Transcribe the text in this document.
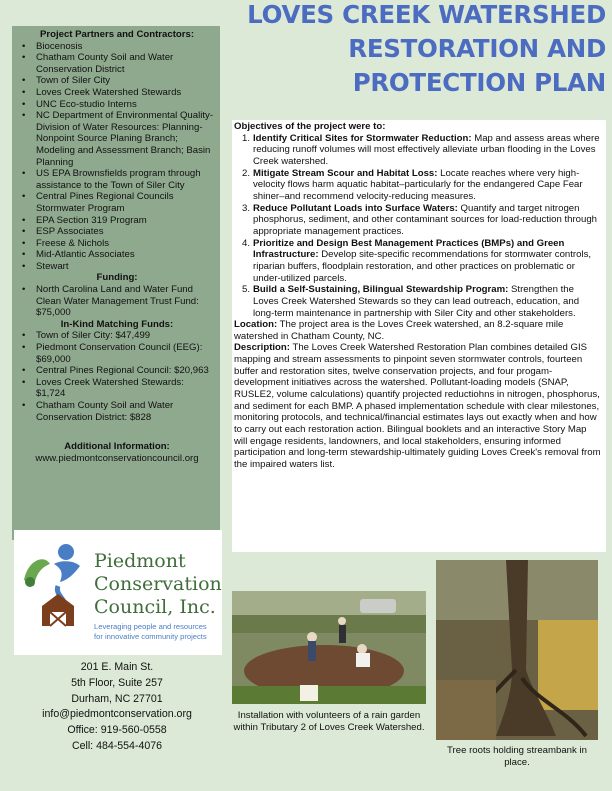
LOVES CREEK WATERSHED
RESTORATION AND
PROTECTION PLAN
Project Partners and Contractors:
• Biocenosis
• Chatham County Soil and Water Conservation District
• Town of Siler City
• Loves Creek Watershed Stewards
• UNC Eco-studio Interns
• NC Department of Environmental Quality- Division of Water Resources: Planning-Nonpoint Source Planing Branch; Modeling and Assessment Branch; Basin Planning
• US EPA Brownsfields program through assistance to the Town of Siler City
• Central Pines Regional Councils Stormwater Program
• EPA Section 319 Program
• ESP Associates
• Freese & Nichols
• Mid-Atlantic Associates
• Stewart
Funding:
• North Carolina Land and Water Fund Clean Water Management Trust Fund: $75,000
In-Kind Matching Funds:
• Town of Siler City: $47,499
• Piedmont Conservation Council (EEG): $69,000
• Central Pines Regional Council: $20,963
• Loves Creek Watershed Stewards: $1,724
• Chatham County Soil and Water Conservation District: $828
Additional Information:
www.piedmontconservationcouncil.org
Piedmont
Conservation
Council, Inc.
Leveraging people and resources
for innovative community projects
201 E. Main St.
5th Floor, Suite 257
Durham, NC 27701
info@piedmontconservation.org
Office: 919-560-0558
Cell: 484-554-4076
Objectives of the project were to:
1. Identify Critical Sites for Stormwater Reduction: Map and assess areas where reducing runoff volumes will most effectively alleviate urban flooding in the Loves Creek watershed.
2. Mitigate Stream Scour and Habitat Loss: Locate reaches where very high-velocity flows harm aquatic habitat–particularly for the endangered Cape Fear shiner–and recommend velocity-reducing measures.
3. Reduce Pollutant Loads into Surface Waters: Quantify and target nitrogen phosphorus, sediment, and other contaminant sources for load-reduction through appropriate management practices.
4. Prioritize and Design Best Management Practices (BMPs) and Green Infrastructure: Develop site-specific recommendations for stormwater controls, riparian buffers, floodplain restoration, and other practices on problematic or under-utilized parcels.
5. Build a Self-Sustaining, Bilingual Stewardship Program: Strengthen the Loves Creek Watershed Stewards so they can lead outreach, education, and long-term maintenance in partnership with Siler City and other stakeholders.
Location: The project area is the Loves Creek watershed, an 8.2-square mile watershed in Chatham County, NC.
Description: The Loves Creek Watershed Restoration Plan combines detailed GIS mapping and stream assessments to pinpoint seven stormwater controls, fourteen buffer and restoration sites, twelve conservation projects, and four progam-development initiatives across the watershed. Pollutant-loading models (SNAP, RUSLE2, volume calculations) quantify projected reductiohns in nitrogen, phosphorus, and sediment for each BMP. A phased implementation schedule with clear milestones, monitoring protocols, and technical/financial estimates lays out exactly when and how to carry out each restoration action. Bilingual booklets and an interactive Story Map will engage residents, landowners, and local stakeholders, ensuring informed participation and long-term stewardship-ultimately guiding Loves Creek's removal from the impaired waters list.
Installation with volunteers of a rain garden within Tributary 2 of Loves Creek Watershed.
Tree roots holding streambank in place.
